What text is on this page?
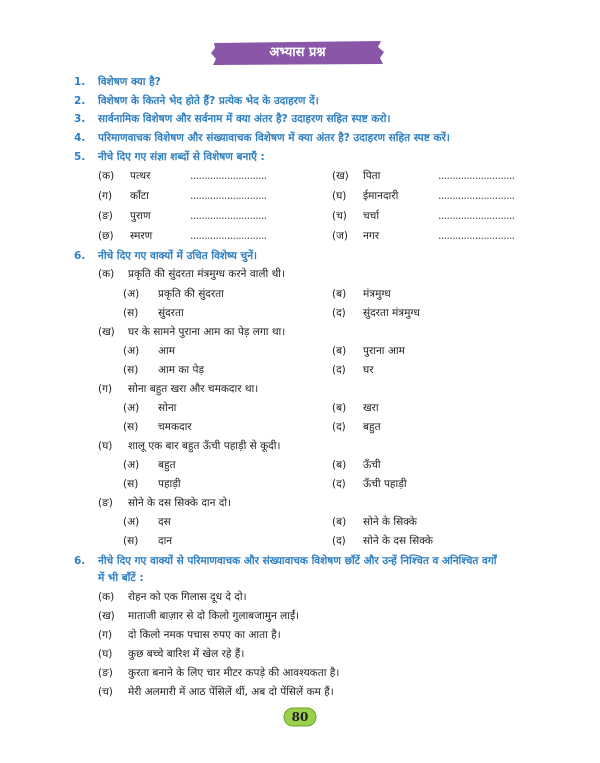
अभ्यास प्रश्न
1. विशेषण क्या है?
2. विशेषण के कितने भेद होते हैं? प्रत्येक भेद के उदाहरण दें।
3. सार्वनामिक विशेषण और सर्वनाम में क्या अंतर है? उदाहरण सहित स्पष्ट करो।
4. परिमाणवाचक विशेषण और संख्यावाचक विशेषण में क्या अंतर है? उदाहरण सहित स्पष्ट करें।
5. नीचे दिए गए संज्ञा शब्दों से विशेषण बनाएँ :
(क) पत्थर	...........................	(ख) पिता	...........................
(ग) काँटा	...........................	(घ) ईमानदारी	...........................
(ङ) पुराण	...........................	(च) चर्चा	...........................
(छ) स्मरण	...........................	(ज) नगर	...........................
6. नीचे दिए गए वाक्यों में उचित विशेष्य चुनें।
(क) प्रकृति की सुंदरता मंत्रमुग्ध करने वाली थी।
(अ) प्रकृति की सुंदरता	(ब) मंत्रमुग्ध
(स) सुंदरता	(द) सुंदरता मंत्रमुग्ध
(ख) घर के सामने पुराना आम का पेड़ लगा था।
(अ) आम	(ब) पुराना आम
(स) आम का पेड़	(द) घर
(ग) सोना बहुत खरा और चमकदार था।
(अ) सोना	(ब) खरा
(स) चमकदार	(द) बहुत
(घ) शालू एक बार बहुत ऊँची पहाड़ी से कूदी।
(अ) बहुत	(ब) ऊँची
(स) पहाड़ी	(द) ऊँची पहाड़ी
(ङ) सोने के दस सिक्के दान दो।
(अ) दस	(ब) सोने के सिक्के
(स) दान	(द) सोने के दस सिक्के
6. नीचे दिए गए वाक्यों से परिमाणवाचक और संख्यावाचक विशेषण छाँटें और उन्हें निश्चित व अनिश्चित वर्गों
में भी बाँटें :
(क) रोहन को एक गिलास दूध दे दो।
(ख) माताजी बाज़ार से दो किलो गुलाबजामुन लाईं।
(ग) दो किलो नमक पचास रुपए का आता है।
(घ) कुछ बच्चे बारिश में खेल रहे हैं।
(ङ) कुरता बनाने के लिए चार मीटर कपड़े की आवश्यकता है।
(च) मेरी अलमारी में आठ पेंसिलें थीं, अब दो पेंसिलें कम हैं।
80
